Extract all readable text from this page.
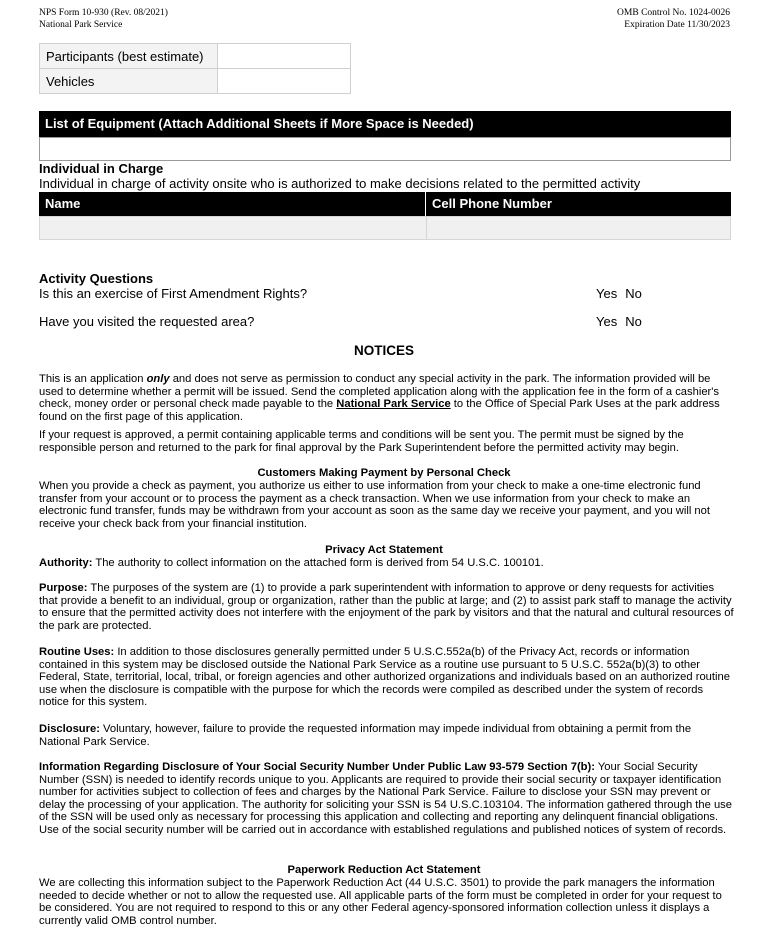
NPS Form 10-930 (Rev. 08/2021)
National Park Service
OMB Control No. 1024-0026
Expiration Date 11/30/2023
Participants (best estimate)	
Vehicles	
List of Equipment (Attach Additional Sheets if More Space is Needed)
Individual in Charge
Individual in charge of activity onsite who is authorized to make decisions related to the permitted activity
Name	Cell Phone Number
Activity Questions
Is this an exercise of First Amendment Rights?	Yes No
Have you visited the requested area?	Yes No
NOTICES

This is an application only and does not serve as permission to conduct any special activity in the park. The information provided will be used to determine whether a permit will be issued. Send the completed application along with the application fee in the form of a cashier's check, money order or personal check made payable to the National Park Service to the Office of Special Park Uses at the park address found on the first page of this application.

If your request is approved, a permit containing applicable terms and conditions will be sent you. The permit must be signed by the responsible person and returned to the park for final approval by the Park Superintendent before the permitted activity may begin.

Customers Making Payment by Personal Check

When you provide a check as payment, you authorize us either to use information from your check to make a one-time electronic fund transfer from your account or to process the payment as a check transaction. When we use information from your check to make an electronic fund transfer, funds may be withdrawn from your account as soon as the same day we receive your payment, and you will not receive your check back from your financial institution.

Privacy Act Statement

Authority: The authority to collect information on the attached form is derived from 54 U.S.C. 100101.

Purpose: The purposes of the system are (1) to provide a park superintendent with information to approve or deny requests for activities that provide a benefit to an individual, group or organization, rather than the public at large; and (2) to assist park staff to manage the activity to ensure that the permitted activity does not interfere with the enjoyment of the park by visitors and that the natural and cultural resources of the park are protected.

Routine Uses: In addition to those disclosures generally permitted under 5 U.S.C.552a(b) of the Privacy Act, records or information contained in this system may be disclosed outside the National Park Service as a routine use pursuant to 5 U.S.C. 552a(b)(3) to other Federal, State, territorial, local, tribal, or foreign agencies and other authorized organizations and individuals based on an authorized routine use when the disclosure is compatible with the purpose for which the records were compiled as described under the system of records notice for this system.

Disclosure: Voluntary, however, failure to provide the requested information may impede individual from obtaining a permit from the National Park Service.

Information Regarding Disclosure of Your Social Security Number Under Public Law 93-579 Section 7(b): Your Social Security Number (SSN) is needed to identify records unique to you. Applicants are required to provide their social security or taxpayer identification number for activities subject to collection of fees and charges by the National Park Service. Failure to disclose your SSN may prevent or delay the processing of your application. The authority for soliciting your SSN is 54 U.S.C.103104. The information gathered through the use of the SSN will be used only as necessary for processing this application and collecting and reporting any delinquent financial obligations. Use of the social security number will be carried out in accordance with established regulations and published notices of system of records.

Paperwork Reduction Act Statement

We are collecting this information subject to the Paperwork Reduction Act (44 U.S.C. 3501) to provide the park managers the information needed to decide whether or not to allow the requested use. All applicable parts of the form must be completed in order for your request to be considered. You are not required to respond to this or any other Federal agency-sponsored information collection unless it displays a currently valid OMB control number.
